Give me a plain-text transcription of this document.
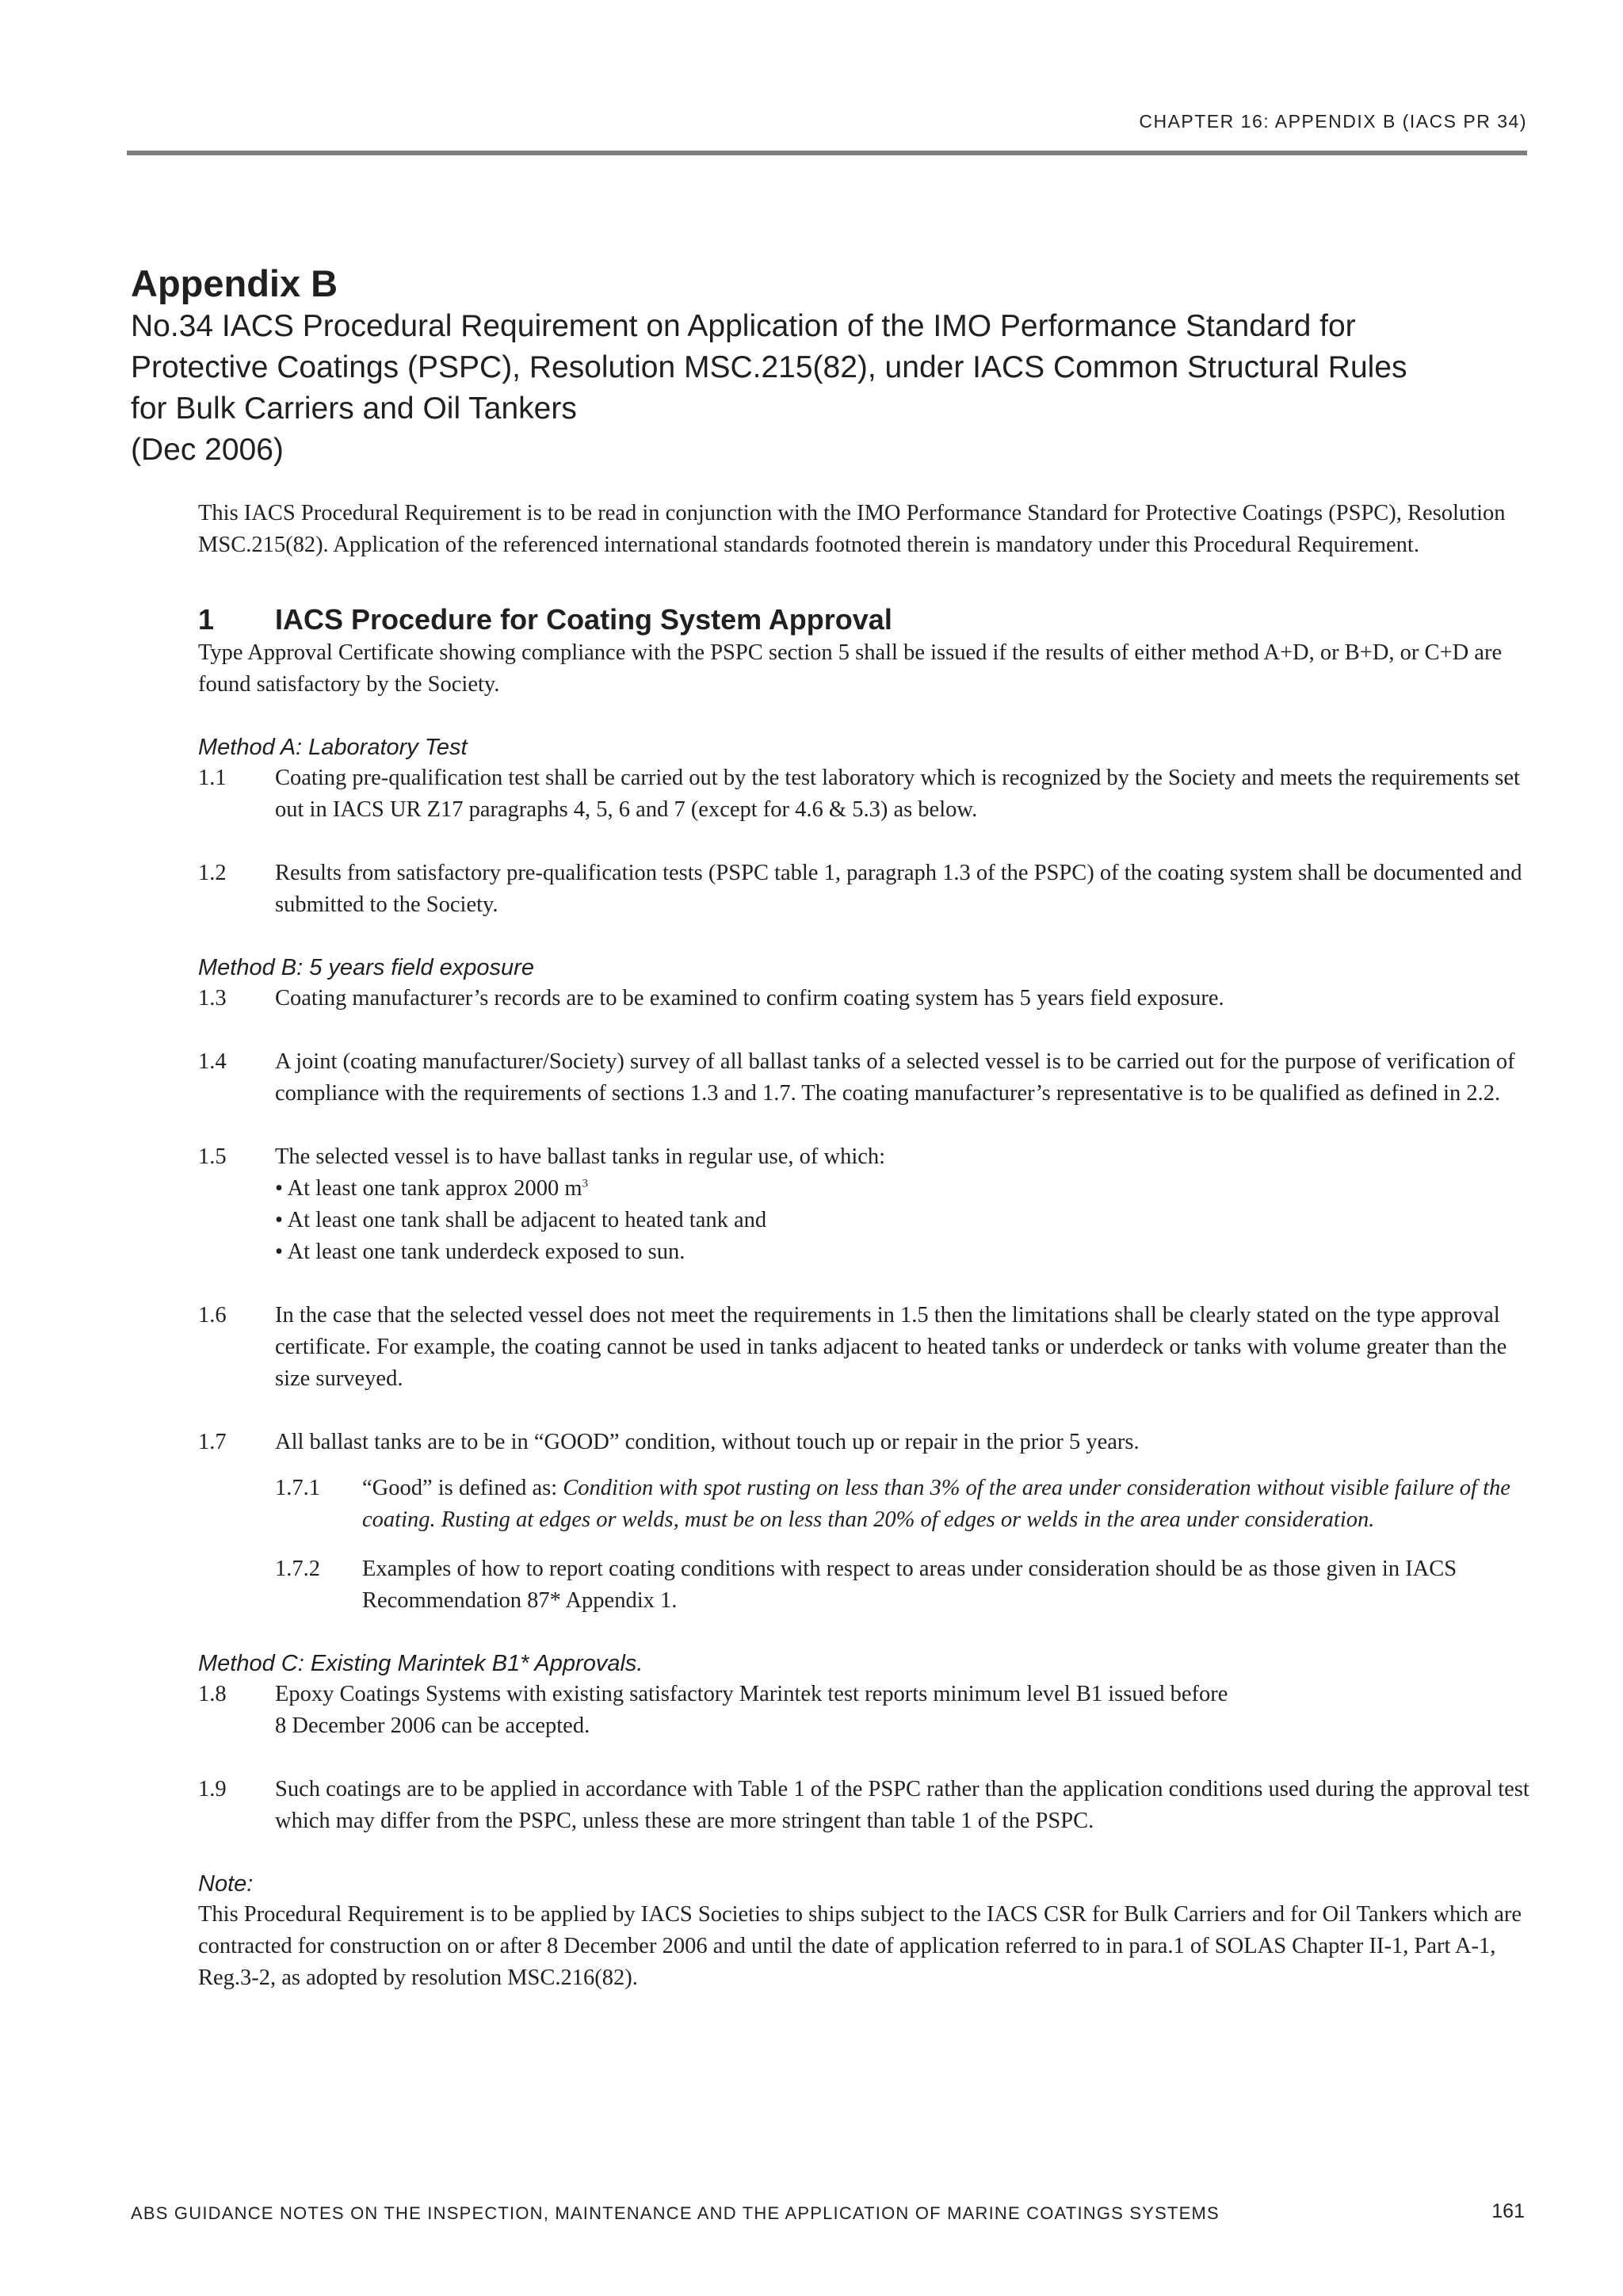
CHAPTER 16: APPENDIX B (IACS PR 34)
Appendix B

No.34 IACS Procedural Requirement on Application of the IMO Performance Standard for

Protective Coatings (PSPC), Resolution MSC.215(82), under IACS Common Structural Rules

for Bulk Carriers and Oil Tankers

(Dec 2006)

This IACS Procedural Requirement is to be read in conjunction with the IMO Performance Standard for Protective Coatings (PSPC), Resolution MSC.215(82). Application of the referenced international standards footnoted therein is mandatory under this Procedural Requirement.

1	IACS Procedure for Coating System Approval

Type Approval Certificate showing compliance with the PSPC section 5 shall be issued if the results of either method A+D, or B+D, or C+D are found satisfactory by the Society.

Method A: Laboratory Test

1.1	Coating pre-qualification test shall be carried out by the test laboratory which is recognized by the Society and meets the requirements set out in IACS UR Z17 paragraphs 4, 5, 6 and 7 (except for 4.6 & 5.3) as below.
1.2	Results from satisfactory pre-qualification tests (PSPC table 1, paragraph 1.3 of the PSPC) of the coating system shall be documented and submitted to the Society.

Method B: 5 years field exposure

1.3	Coating manufacturer’s records are to be examined to confirm coating system has 5 years field exposure.
1.4	A joint (coating manufacturer/Society) survey of all ballast tanks of a selected vessel is to be carried out for the purpose of verification of compliance with the requirements of sections 1.3 and 1.7. The coating manufacturer’s representative is to be qualified as defined in 2.2.
1.5	The selected vessel is to have ballast tanks in regular use, of which:
• At least one tank approx 2000 $m^3$
• At least one tank shall be adjacent to heated tank and
• At least one tank underdeck exposed to sun.
1.6	In the case that the selected vessel does not meet the requirements in 1.5 then the limitations shall be clearly stated on the type approval certificate. For example, the coating cannot be used in tanks adjacent to heated tanks or underdeck or tanks with volume greater than the size surveyed.
1.7	All ballast tanks are to be in “GOOD” condition, without touch up or repair in the prior 5 years.
1.7.1	“Good” is defined as: Condition with spot rusting on less than 3% of the area under consideration without visible failure of the coating. Rusting at edges or welds, must be on less than 20% of edges or welds in the area under consideration.
1.7.2	Examples of how to report coating conditions with respect to areas under consideration should be as those given in IACS Recommendation 87* Appendix 1.

Method C: Existing Marintek B1* Approvals.

1.8	Epoxy Coatings Systems with existing satisfactory Marintek test reports minimum level B1 issued before
8 December 2006 can be accepted.
1.9	Such coatings are to be applied in accordance with Table 1 of the PSPC rather than the application conditions used during the approval test which may differ from the PSPC, unless these are more stringent than table 1 of the PSPC.

Note:

This Procedural Requirement is to be applied by IACS Societies to ships subject to the IACS CSR for Bulk Carriers and for Oil Tankers which are contracted for construction on or after 8 December 2006 and until the date of application referred to in para.1 of SOLAS Chapter II-1, Part A-1, Reg.3-2, as adopted by resolution MSC.216(82).

ABS GUIDANCE NOTES ON THE INSPECTION, MAINTENANCE AND THE APPLICATION OF MARINE COATINGS SYSTEMS	161
